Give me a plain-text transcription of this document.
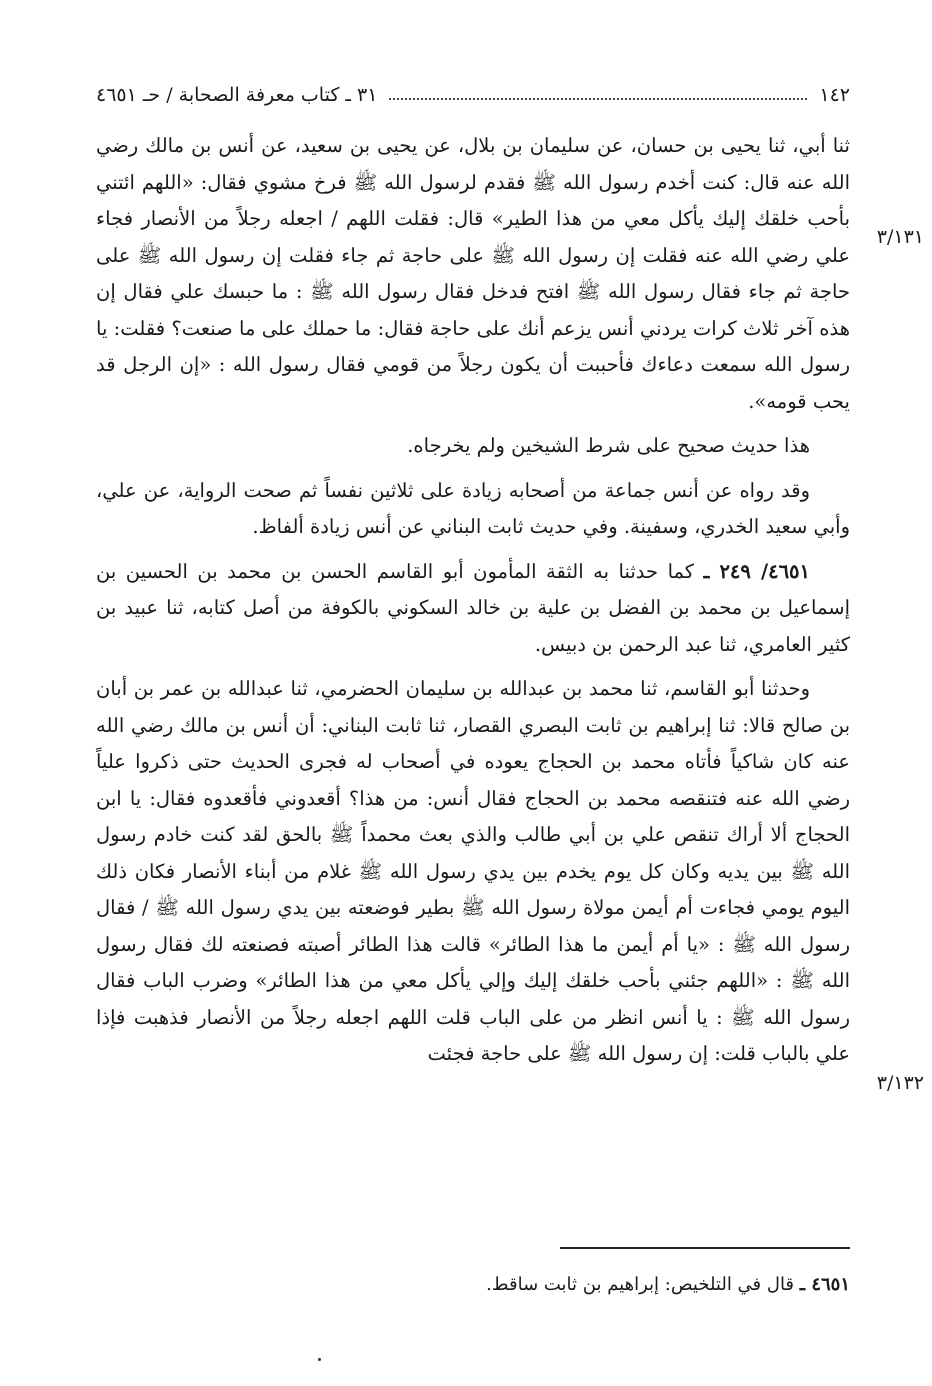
١٤٢
٣١ ـ كتاب معرفة الصحابة / حـ ٤٦٥١
٣/١٣١
٣/١٣٢

ثنا أبي، ثنا يحيى بن حسان، عن سليمان بن بلال، عن يحيى بن سعيد، عن أنس بن مالك رضي الله عنه قال: كنت أخدم رسول الله ﷺ فقدم لرسول الله ﷺ فرخ مشوي فقال: «اللهم ائتني بأحب خلقك إليك يأكل معي من هذا الطير» قال: فقلت اللهم / اجعله رجلاً من الأنصار فجاء علي رضي الله عنه فقلت إن رسول الله ﷺ على حاجة ثم جاء فقلت إن رسول الله ﷺ على حاجة ثم جاء فقال رسول الله ﷺ افتح فدخل فقال رسول الله ﷺ : ما حبسك علي فقال إن هذه آخر ثلاث كرات يردني أنس يزعم أنك على حاجة فقال: ما حملك على ما صنعت؟ فقلت: يا رسول الله سمعت دعاءك فأحببت أن يكون رجلاً من قومي فقال رسول الله : «إن الرجل قد يحب قومه».

هذا حديث صحيح على شرط الشيخين ولم يخرجاه.

وقد رواه عن أنس جماعة من أصحابه زيادة على ثلاثين نفساً ثم صحت الرواية، عن علي، وأبي سعيد الخدري، وسفينة. وفي حديث ثابت البناني عن أنس زيادة ألفاظ.

٤٦٥١/ ٢٤٩ ـ كما حدثنا به الثقة المأمون أبو القاسم الحسن بن محمد بن الحسين بن إسماعيل بن محمد بن الفضل بن علية بن خالد السكوني بالكوفة من أصل كتابه، ثنا عبيد بن كثير العامري، ثنا عبد الرحمن بن دبيس.

وحدثنا أبو القاسم، ثنا محمد بن عبدالله بن سليمان الحضرمي، ثنا عبدالله بن عمر بن أبان بن صالح قالا: ثنا إبراهيم بن ثابت البصري القصار، ثنا ثابت البناني: أن أنس بن مالك رضي الله عنه كان شاكياً فأتاه محمد بن الحجاج يعوده في أصحاب له فجرى الحديث حتى ذكروا علياً رضي الله عنه فتنقصه محمد بن الحجاج فقال أنس: من هذا؟ أقعدوني فأقعدوه فقال: يا ابن الحجاج ألا أراك تنقص علي بن أبي طالب والذي بعث محمداً ﷺ بالحق لقد كنت خادم رسول الله ﷺ بين يديه وكان كل يوم يخدم بين يدي رسول الله ﷺ غلام من أبناء الأنصار فكان ذلك اليوم يومي فجاءت أم أيمن مولاة رسول الله ﷺ بطير فوضعته بين يدي رسول الله ﷺ / فقال رسول الله ﷺ : «يا أم أيمن ما هذا الطائر» قالت هذا الطائر أصبته فصنعته لك فقال رسول الله ﷺ : «اللهم جئني بأحب خلقك إليك وإلي يأكل معي من هذا الطائر» وضرب الباب فقال رسول الله ﷺ : يا أنس انظر من على الباب قلت اللهم اجعله رجلاً من الأنصار فذهبت فإذا علي بالباب قلت: إن رسول الله ﷺ على حاجة فجئت

٤٦٥١ ـ قال في التلخيص: إبراهيم بن ثابت ساقط.
